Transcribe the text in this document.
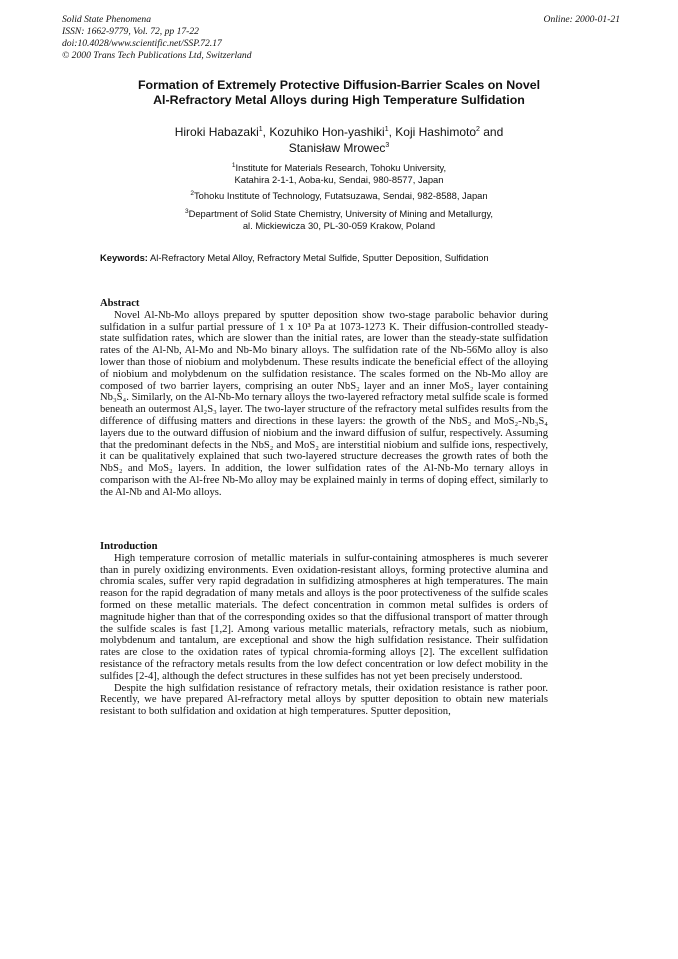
Solid State Phenomena
ISSN: 1662-9779, Vol. 72, pp 17-22
doi:10.4028/www.scientific.net/SSP.72.17
© 2000 Trans Tech Publications Ltd, Switzerland
Online: 2000-01-21
Formation of Extremely Protective Diffusion-Barrier Scales on Novel
Al-Refractory Metal Alloys during High Temperature Sulfidation
Hiroki Habazaki$^1$, Kozuhiko Hon-yashiki$^1$, Koji Hashimoto$^2$ and
Stanisław Mrowec$^3$
$^1$Institute for Materials Research, Tohoku University,
Katahira 2-1-1, Aoba-ku, Sendai, 980-8577, Japan
$^2$Tohoku Institute of Technology, Futatsuzawa, Sendai, 982-8588, Japan
$^3$Department of Solid State Chemistry, University of Mining and Metallurgy,
al. Mickiewicza 30, PL-30-059 Krakow, Poland
Keywords: Al-Refractory Metal Alloy, Refractory Metal Sulfide, Sputter Deposition, Sulfidation
Abstract

Novel Al-Nb-Mo alloys prepared by sputter deposition show two-stage parabolic behavior during sulfidation in a sulfur partial pressure of 1 x 10³ Pa at 1073-1273 K. Their diffusion-controlled steady-state sulfidation rates, which are slower than the initial rates, are lower than the steady-state sulfidation rates of the Al-Nb, Al-Mo and Nb-Mo binary alloys. The sulfidation rate of the Nb-56Mo alloy is also lower than those of niobium and molybdenum. These results indicate the beneficial effect of the alloying of niobium and molybdenum on the sulfidation resistance. The scales formed on the Nb-Mo alloy are composed of two barrier layers, comprising an outer NbS₂ layer and an inner MoS₂ layer containing Nb₃S₄. Similarly, on the Al-Nb-Mo ternary alloys the two-layered refractory metal sulfide scale is formed beneath an outermost Al₂S₃ layer. The two-layer structure of the refractory metal sulfides results from the difference of diffusing matters and directions in these layers: the growth of the NbS₂ and MoS₂-Nb₃S₄ layers due to the outward diffusion of niobium and the inward diffusion of sulfur, respectively. Assuming that the predominant defects in the NbS₂ and MoS₂ are interstitial niobium and sulfide ions, respectively, it can be qualitatively explained that such two-layered structure decreases the growth rates of both the NbS₂ and MoS₂ layers. In addition, the lower sulfidation rates of the Al-Nb-Mo ternary alloys in comparison with the Al-free Nb-Mo alloy may be explained mainly in terms of doping effect, similarly to the Al-Nb and Al-Mo alloys.

Introduction

High temperature corrosion of metallic materials in sulfur-containing atmospheres is much severer than in purely oxidizing environments. Even oxidation-resistant alloys, forming protective alumina and chromia scales, suffer very rapid degradation in sulfidizing atmospheres at high temperatures. The main reason for the rapid degradation of many metals and alloys is the poor protectiveness of the sulfide scales formed on these metallic materials. The defect concentration in common metal sulfides is orders of magnitude higher than that of the corresponding oxides so that the diffusional transport of matter through the sulfide scales is fast [1,2]. Among various metallic materials, refractory metals, such as niobium, molybdenum and tantalum, are exceptional and show the high sulfidation resistance. Their sulfidation rates are close to the oxidation rates of typical chromia-forming alloys [2]. The excellent sulfidation resistance of the refractory metals results from the low defect concentration or low defect mobility in the sulfides [2-4], although the defect structures in these sulfides has not yet been precisely understood.

Despite the high sulfidation resistance of refractory metals, their oxidation resistance is rather poor. Recently, we have prepared Al-refractory metal alloys by sputter deposition to obtain new materials resistant to both sulfidation and oxidation at high temperatures. Sputter deposition,
